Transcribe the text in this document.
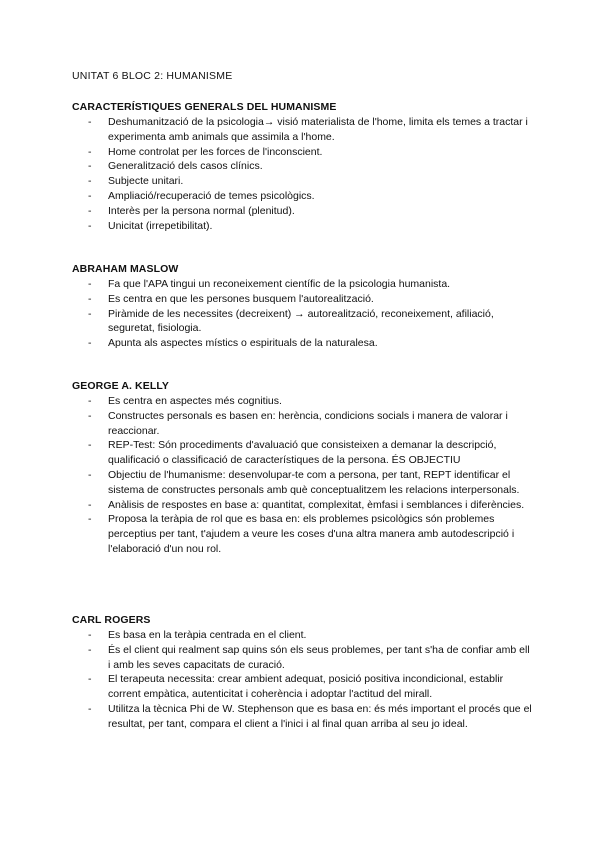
UNITAT 6 BLOC 2: HUMANISME
CARACTERÍSTIQUES GENERALS DEL HUMANISME
- Deshumanització de la psicologia→ visió materialista de l'home, limita els temes a tractar i experimenta amb animals que assimila a l'home.
- Home controlat per les forces de l'inconscient.
- Generalització dels casos clínics.
- Subjecte unitari.
- Ampliació/recuperació de temes psicològics.
- Interès per la persona normal (plenitud).
- Unicitat (irrepetibilitat).
ABRAHAM MASLOW
- Fa que l'APA tingui un reconeixement científic de la psicologia humanista.
- Es centra en que les persones busquem l'autorealització.
- Piràmide de les necessites (decreixent) → autorealització, reconeixement, afiliació, seguretat, fisiologia.
- Apunta als aspectes místics o espirituals de la naturalesa.
GEORGE A. KELLY
- Es centra en aspectes més cognitius.
- Constructes personals es basen en: herència, condicions socials i manera de valorar i reaccionar.
- REP-Test: Són procediments d'avaluació que consisteixen a demanar la descripció, qualificació o classificació de característiques de la persona. ÉS OBJECTIU
- Objectiu de l'humanisme: desenvolupar-te com a persona, per tant, REPT identificar el sistema de constructes personals amb què conceptualitzem les relacions interpersonals.
- Anàlisis de respostes en base a: quantitat, complexitat, èmfasi i semblances i diferències.
- Proposa la teràpia de rol que es basa en: els problemes psicològics són problemes perceptius per tant, t'ajudem a veure les coses d'una altra manera amb autodescripció i l'elaboració d'un nou rol.
CARL ROGERS
- Es basa en la teràpia centrada en el client.
- És el client qui realment sap quins són els seus problemes, per tant s'ha de confiar amb ell i amb les seves capacitats de curació.
- El terapeuta necessita: crear ambient adequat, posició positiva incondicional, establir corrent empàtica, autenticitat i coherència i adoptar l'actitud del mirall.
- Utilitza la tècnica Phi de W. Stephenson que es basa en: és més important el procés que el resultat, per tant, compara el client a l'inici i al final quan arriba al seu jo ideal.
